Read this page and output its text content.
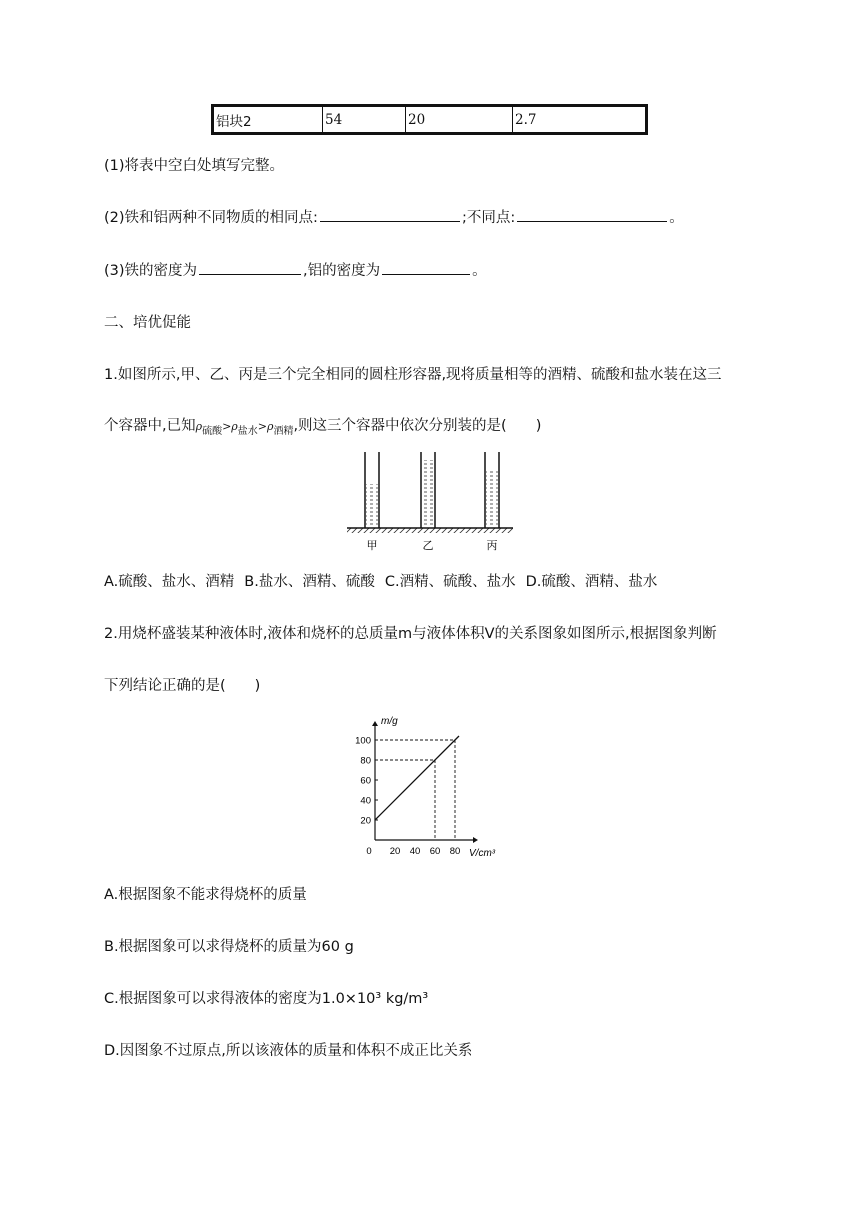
铝块2	54	20	2.7
(1)将表中空白处填写完整。
(2)铁和铝两种不同物质的相同点:	;不同点:	。
(3)铁的密度为	,铝的密度为	。
二、培优促能
1.如图所示,甲、乙、丙是三个完全相同的圆柱形容器,现将质量相等的酒精、硫酸和盐水装在这三
个容器中,已知$\rho_{硫酸}>\rho_{盐水}>\rho_{酒精}$,则这三个容器中依次分别装的是(　　)
甲	乙	丙
A.硫酸、盐水、酒精 B.盐水、酒精、硫酸 C.酒精、硫酸、盐水 D.硫酸、酒精、盐水
2.用烧杯盛装某种液体时,液体和烧杯的总质量m与液体体积V的关系图象如图所示,根据图象判断
下列结论正确的是(　　)
m/g
V/cm³
0 20 40 60 80
20
40
60
80
100
A.根据图象不能求得烧杯的质量
B.根据图象可以求得烧杯的质量为60 g
C.根据图象可以求得液体的密度为1.0×10³ kg/m³
D.因图象不过原点,所以该液体的质量和体积不成正比关系
